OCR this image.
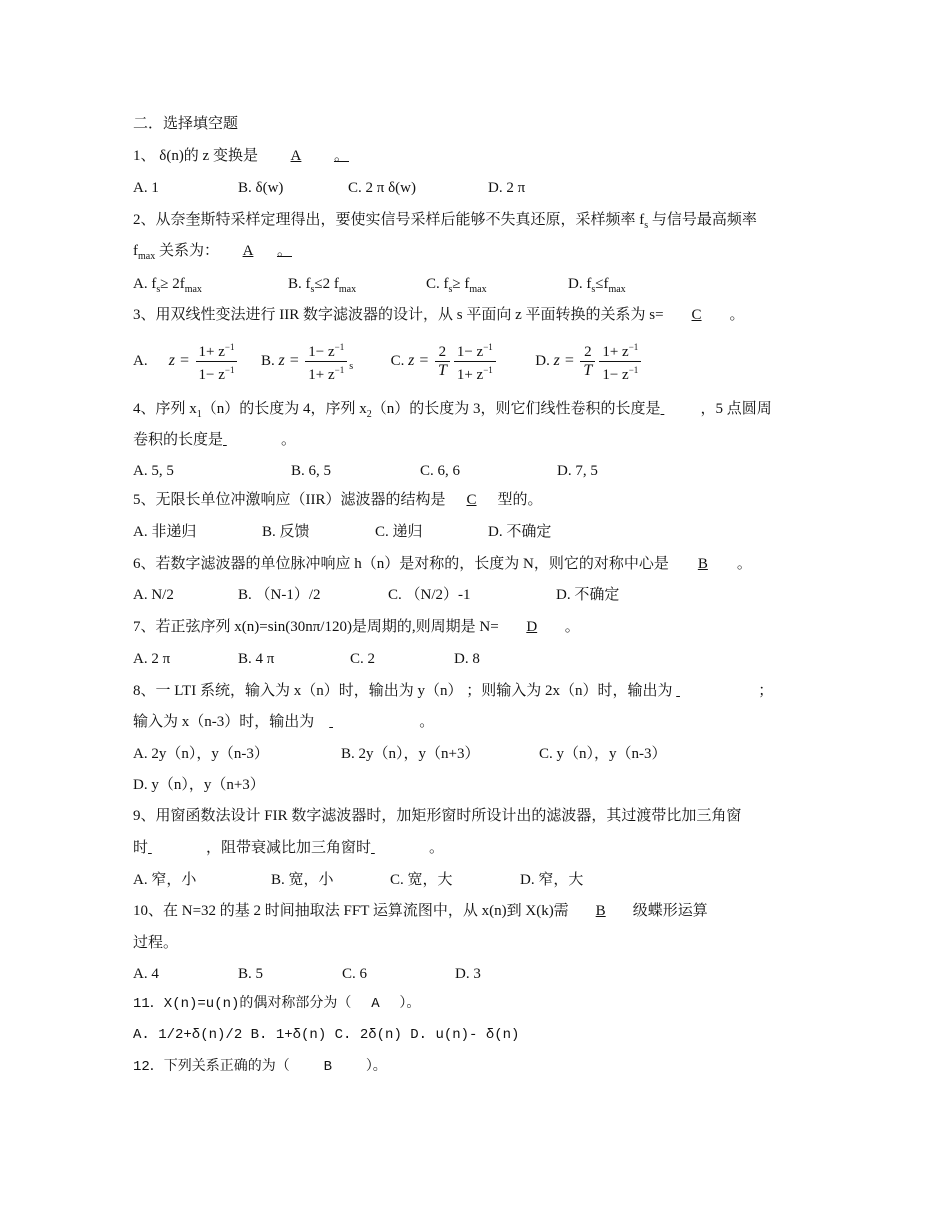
二．选择填空题
1、 δ(n)的 z 变换是 A 。
A. 1	B. δ(w)	C. 2 π δ(w)	D. 2 π
2、从奈奎斯特采样定理得出，要使实信号采样后能够不失真还原，采样频率 $f_s$ 与信号最高频率
$f_{max}$ 关系为： A 。
A. $f_s\ge 2f_{max}$	B. $f_s\le 2$ $f_{max}$	C. $f_s\ge f_{max}$	D. $f_s\le f_{max}$
3、用双线性变法进行 IIR 数字滤波器的设计，从 s 平面向 z 平面转换的关系为 s= C 。
A. $z = \frac{1+ z^{-1}}{1- z^{-1}} B$. $z = \frac{1- z^{-1}}{1+ z^{-1}} _s$	C. $z = \frac{2}{T} \frac{1- z^{-1}}{1+ z^{-1}}$	D. $z = \frac{2}{T} \frac{1+ z^{-1}}{1- z^{-1}}$
4、序列 $x_1(n)$的长度为 4，序列 $x_2(n)$的长度为 3，则它们线性卷积的长度是	，5 点圆周
卷积的长度是	。
A. 5, 5	B. 6, 5	C. 6, 6	D. 7, 5
5、无限长单位冲激响应（IIR）滤波器的结构是 C 型的。
A. 非递归	B. 反馈	C. 递归	D. 不确定
6、若数字滤波器的单位脉冲响应 h（n）是对称的，长度为 N，则它的对称中心是 B 。
A. N/2	B. （N-1）/2	C. （N/2）-1	D. 不确定
7、若正弦序列 x(n)=sin(30nπ/120)是周期的,则周期是 N= D 。
A. 2 π	B. 4 π	C. 2	D. 8
8、一 LTI 系统，输入为 x（n）时，输出为 y（n） ；则输入为 2x（n）时，输出为	；
输入为 x（n-3）时，输出为	。
A. 2y（n），y（n-3）	B. 2y（n），y（n+3）	C. y（n），y（n-3）
D. y（n），y（n+3）
9、用窗函数法设计 FIR 数字滤波器时，加矩形窗时所设计出的滤波器，其过渡带比加三角窗
时	，阻带衰减比加三角窗时	。
A. 窄，小	B. 宽，小	C. 宽，大	D. 窄，大
10、在 N=32 的基 2 时间抽取法 FFT 运算流图中，从 x(n)到 X(k)需 B 级蝶形运算
过程。
A. 4	B. 5	C. 6	D. 3
11．X(n)=u(n)的偶对称部分为（ A ）。
A. 1/2+δ(n)/2 B. 1+δ(n) C. 2δ(n) D. u(n)- δ(n)
12．下列关系正确的为（ B ）。
